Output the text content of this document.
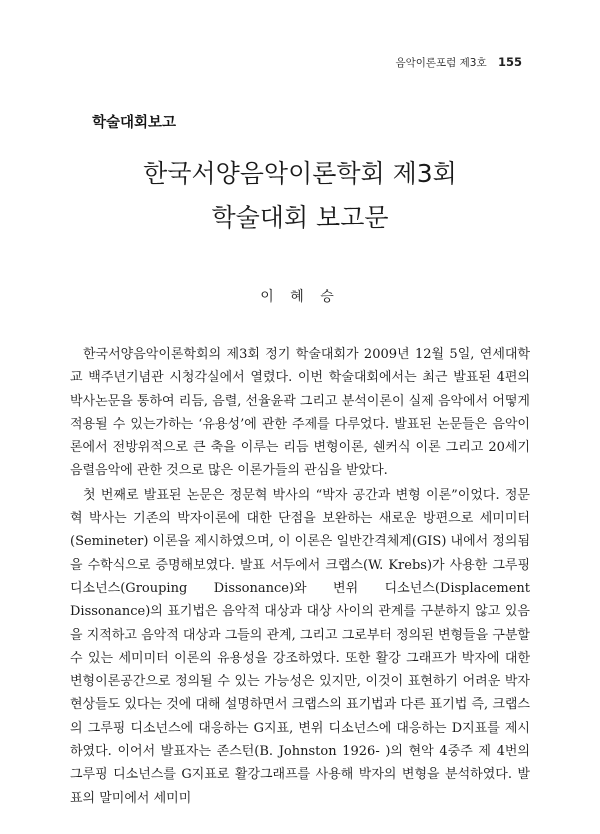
음악이론포럼 제3호 155
학술대회보고
한국서양음악이론학회 제3회
학술대회 보고문
이 혜 승

한국서양음악이론학회의 제3회 정기 학술대회가 2009년 12월 5일, 연세대학교 백주년기념관 시청각실에서 열렸다. 이번 학술대회에서는 최근 발표된 4편의 박사논문을 통하여 리듬, 음렬, 선율윤곽 그리고 분석이론이 실제 음악에서 어떻게 적용될 수 있는가하는 ‘유용성’에 관한 주제를 다루었다. 발표된 논문들은 음악이론에서 전방위적으로 큰 축을 이루는 리듬 변형이론, 쉔커식 이론 그리고 20세기 음렬음악에 관한 것으로 많은 이론가들의 관심을 받았다.

첫 번째로 발표된 논문은 정문혁 박사의 “박자 공간과 변형 이론”이었다. 정문혁 박사는 기존의 박자이론에 대한 단점을 보완하는 새로운 방편으로 세미미터(Semineter) 이론을 제시하였으며, 이 이론은 일반간격체계(GIS) 내에서 정의됨을 수학식으로 증명해보였다. 발표 서두에서 크랩스(W. Krebs)가 사용한 그루핑 디소넌스(Grouping Dissonance)와 변위 디소넌스(Displacement Dissonance)의 표기법은 음악적 대상과 대상 사이의 관계를 구분하지 않고 있음을 지적하고 음악적 대상과 그들의 관계, 그리고 그로부터 정의된 변형들을 구분할 수 있는 세미미터 이론의 유용성을 강조하였다. 또한 활강 그래프가 박자에 대한 변형이론공간으로 정의될 수 있는 가능성은 있지만, 이것이 표현하기 어려운 박자 현상들도 있다는 것에 대해 설명하면서 크랩스의 표기법과 다른 표기법 즉, 크랩스의 그루핑 디소넌스에 대응하는 G지표, 변위 디소넌스에 대응하는 D지표를 제시하였다. 이어서 발표자는 존스턴(B. Johnston 1926- )의 현악 4중주 제 4번의 그루핑 디소넌스를 G지표로 활강그래프를 사용해 박자의 변형을 분석하였다. 발표의 말미에서 세미미
